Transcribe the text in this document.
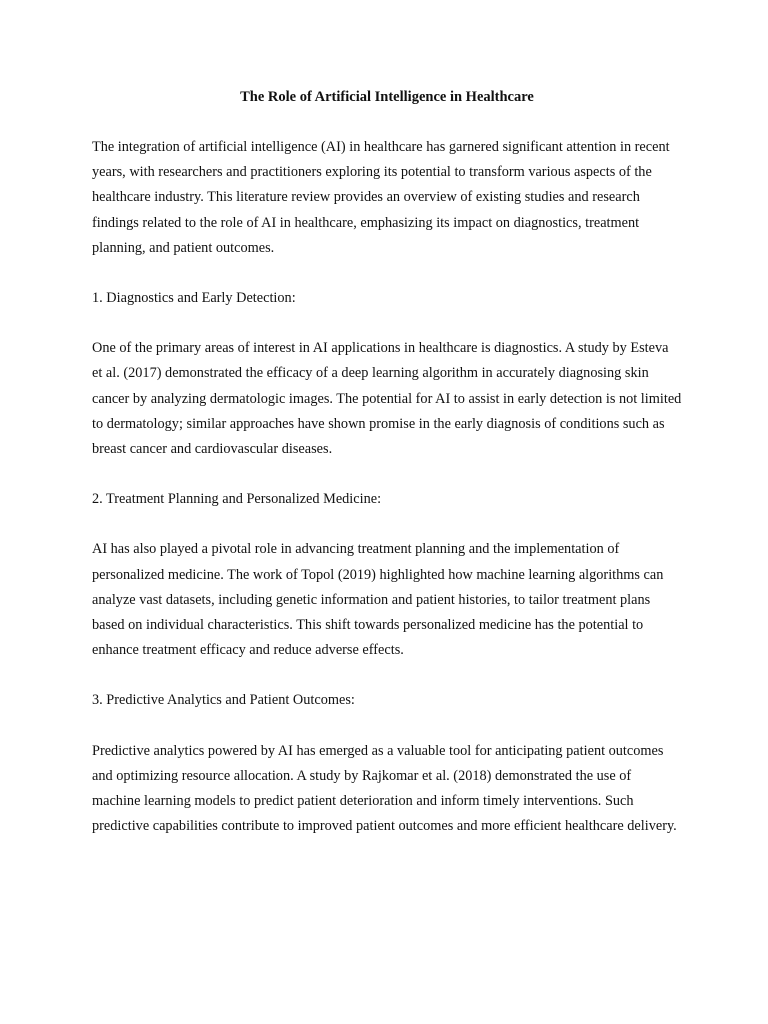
The Role of Artificial Intelligence in Healthcare

The integration of artificial intelligence (AI) in healthcare has garnered significant attention in recent years, with researchers and practitioners exploring its potential to transform various aspects of the healthcare industry. This literature review provides an overview of existing studies and research findings related to the role of AI in healthcare, emphasizing its impact on diagnostics, treatment planning, and patient outcomes.

1. Diagnostics and Early Detection:

One of the primary areas of interest in AI applications in healthcare is diagnostics. A study by Esteva et al. (2017) demonstrated the efficacy of a deep learning algorithm in accurately diagnosing skin cancer by analyzing dermatologic images. The potential for AI to assist in early detection is not limited to dermatology; similar approaches have shown promise in the early diagnosis of conditions such as breast cancer and cardiovascular diseases.

2. Treatment Planning and Personalized Medicine:

AI has also played a pivotal role in advancing treatment planning and the implementation of personalized medicine. The work of Topol (2019) highlighted how machine learning algorithms can analyze vast datasets, including genetic information and patient histories, to tailor treatment plans based on individual characteristics. This shift towards personalized medicine has the potential to enhance treatment efficacy and reduce adverse effects.

3. Predictive Analytics and Patient Outcomes:

Predictive analytics powered by AI has emerged as a valuable tool for anticipating patient outcomes and optimizing resource allocation. A study by Rajkomar et al. (2018) demonstrated the use of machine learning models to predict patient deterioration and inform timely interventions. Such predictive capabilities contribute to improved patient outcomes and more efficient healthcare delivery.
